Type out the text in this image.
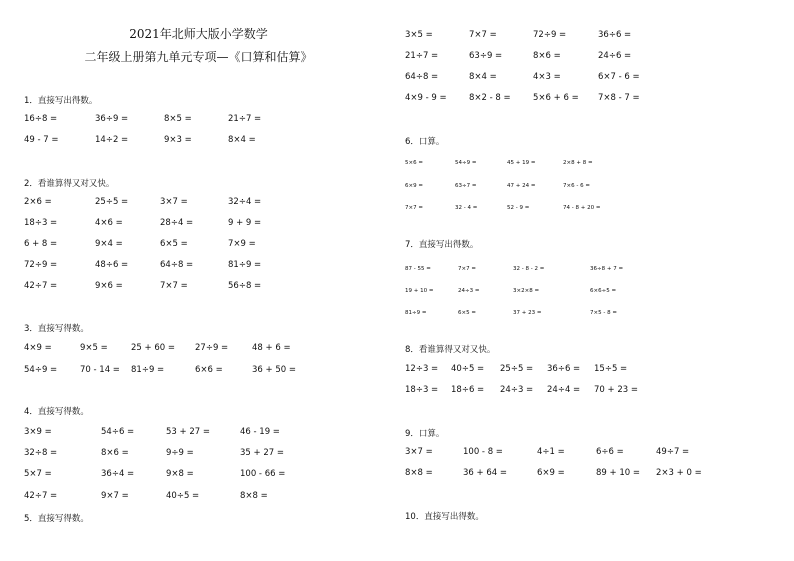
2021年北师大版小学数学
二年级上册第九单元专项—《口算和估算》
1．直接写出得数。
16÷8 =	36÷9 =	8×5 =	21÷7 =
49 - 7 =	14÷2 =	9×3 =	8×4 =
2．看谁算得又对又快。
2×6 =	25÷5 =	3×7 =	32÷4 =
18÷3 =	4×6 =	28÷4 =	9 + 9 =
6 + 8 =	9×4 =	6×5 =	7×9 =
72÷9 =	48÷6 =	64÷8 =	81÷9 =
42÷7 =	9×6 =	7×7 =	56÷8 =
3．直接写得数。
4×9 =	9×5 =	25 + 60 = 27÷9 =	48 + 6 =
54÷9 =	70 - 14 = 81÷9 =	6×6 =	36 + 50 =
4．直接写得数。
3×9 =	54÷6 =	53 + 27 =	46 - 19 =
32÷8 =	8×6 =	9÷9 =	35 + 27 =
5×7 =	36÷4 =	9×8 =	100 - 66 =
42÷7 =	9×7 =	40÷5 =	8×8 =
5．直接写得数。
3×5 =	7×7 =	72÷9 =	36÷6 =
21÷7 =	63÷9 =	8×6 =	24÷6 =
64÷8 =	8×4 =	4×3 =	6×7 - 6 =
4×9 - 9 =	8×2 - 8 =	5×6 + 6 = 7×8 - 7 =
6．口算。
5×6 =	54÷9 =	45 + 19 =	2×8 + 8 =
6×9 =	63÷7 =	47 + 24 =	7×6 - 6 =
7×7 =	32 - 4 =	52 - 9 =	74 - 8 + 20 =
7．直接写出得数。
87 - 55 =	7×7 =	32 - 8 - 2 =	36÷8 + 7 =
19 + 10 =	24÷3 =	3×2×8 =	6×6÷5 =
81÷9 =	6×5 =	37 + 23 =	7×5 - 8 =
8．看谁算得又对又快。
12÷3 = 40÷5 = 25÷5 = 36÷6 = 15÷5 =
18÷3 = 18÷6 = 24÷3 = 24÷4 = 70 + 23 =
9．口算。
3×7 =	100 - 8 =	4÷1 =	6÷6 =	49÷7 =
8×8 =	36 + 64 =	6×9 =	89 + 10 = 2×3 + 0 =
10．直接写出得数。
